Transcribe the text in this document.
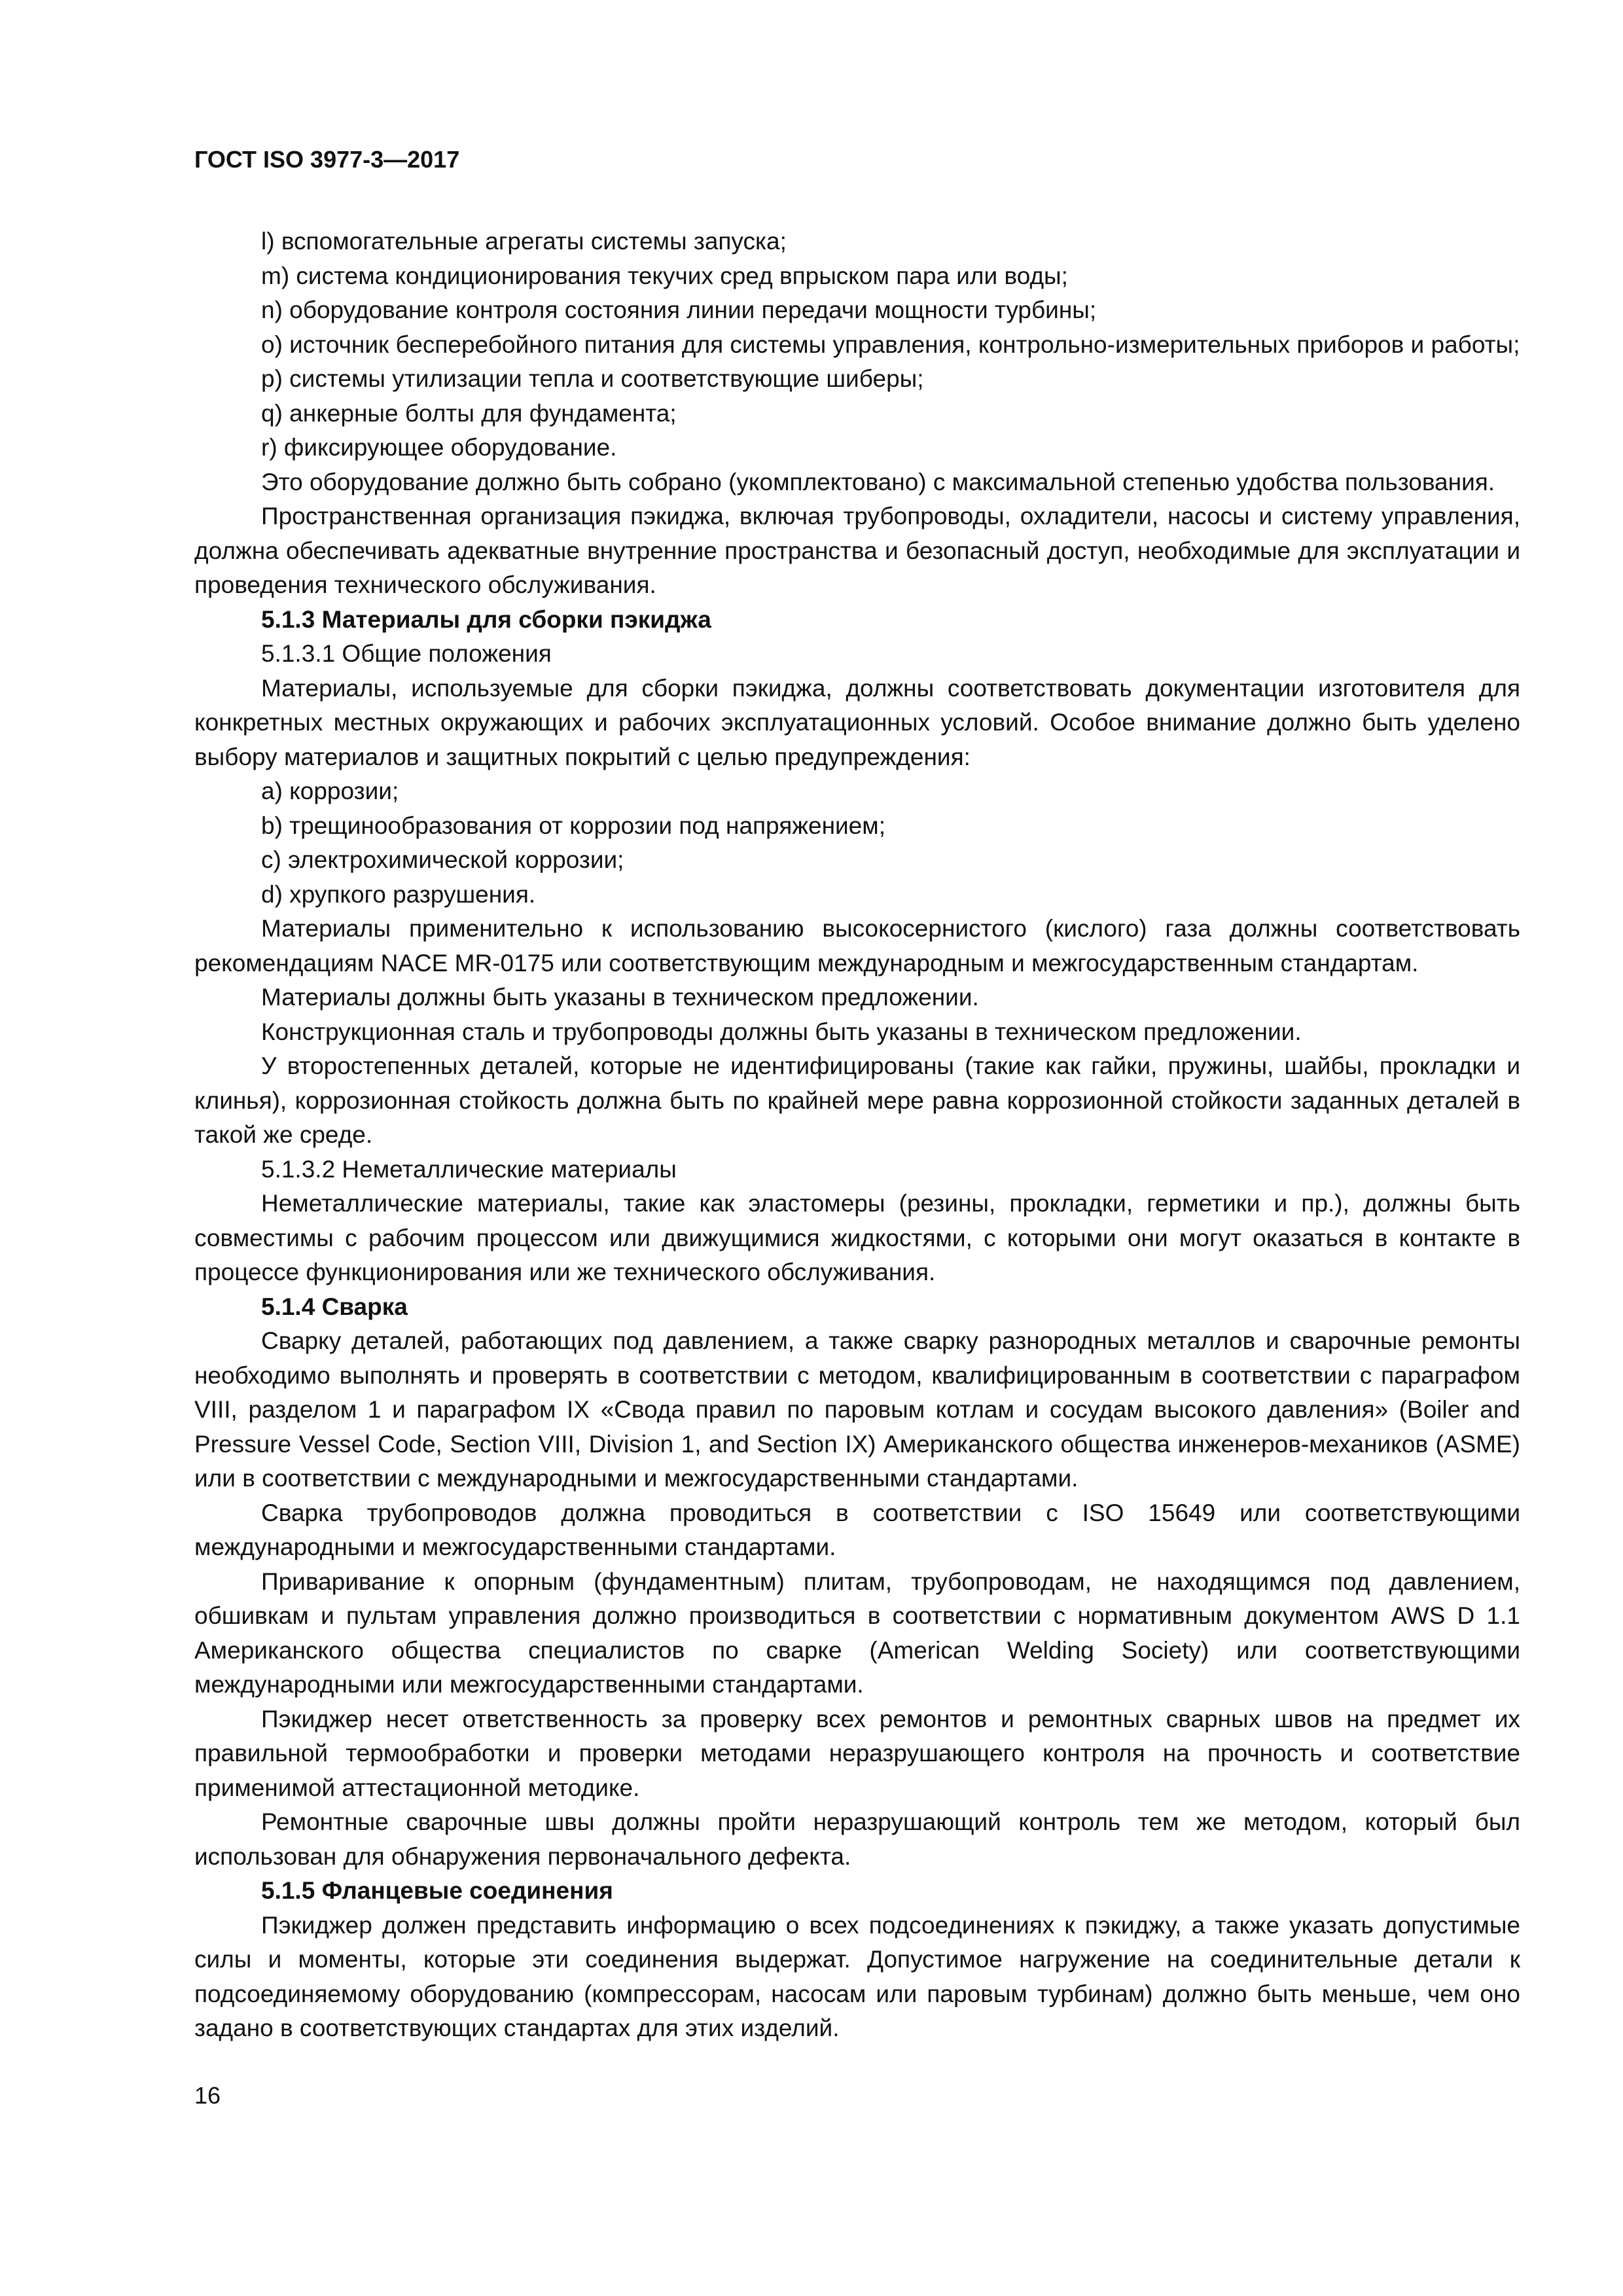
ГОСТ ISO 3977-3—2017

l) вспомогательные агрегаты системы запуска;

m) система кондиционирования текучих сред впрыском пара или воды;

n) оборудование контроля состояния линии передачи мощности турбины;

o) источник бесперебойного питания для системы управления, контрольно-измерительных приборов и работы;

p) системы утилизации тепла и соответствующие шиберы;

q) анкерные болты для фундамента;

r) фиксирующее оборудование.

Это оборудование должно быть собрано (укомплектовано) с максимальной степенью удобства пользования.

Пространственная организация пэкиджа, включая трубопроводы, охладители, насосы и систему управления, должна обеспечивать адекватные внутренние пространства и безопасный доступ, необходимые для эксплуатации и проведения технического обслуживания.

5.1.3 Материалы для сборки пэкиджа

5.1.3.1 Общие положения

Материалы, используемые для сборки пэкиджа, должны соответствовать документации изготовителя для конкретных местных окружающих и рабочих эксплуатационных условий. Особое внимание должно быть уделено выбору материалов и защитных покрытий с целью предупреждения:

a) коррозии;

b) трещинообразования от коррозии под напряжением;

c) электрохимической коррозии;

d) хрупкого разрушения.

Материалы применительно к использованию высокосернистого (кислого) газа должны соответствовать рекомендациям NACE MR-0175 или соответствующим международным и межгосударственным стандартам.

Материалы должны быть указаны в техническом предложении.

Конструкционная сталь и трубопроводы должны быть указаны в техническом предложении.

У второстепенных деталей, которые не идентифицированы (такие как гайки, пружины, шайбы, прокладки и клинья), коррозионная стойкость должна быть по крайней мере равна коррозионной стойкости заданных деталей в такой же среде.

5.1.3.2 Неметаллические материалы

Неметаллические материалы, такие как эластомеры (резины, прокладки, герметики и пр.), должны быть совместимы с рабочим процессом или движущимися жидкостями, с которыми они могут оказаться в контакте в процессе функционирования или же технического обслуживания.

5.1.4 Сварка

Сварку деталей, работающих под давлением, а также сварку разнородных металлов и сварочные ремонты необходимо выполнять и проверять в соответствии с методом, квалифицированным в соответствии с параграфом VIII, разделом 1 и параграфом IX «Свода правил по паровым котлам и сосудам высокого давления» (Boiler and Pressure Vessel Code, Section VIII, Division 1, and Section IX) Американского общества инженеров-механиков (ASME) или в соответствии с международными и межгосударственными стандартами.

Сварка трубопроводов должна проводиться в соответствии с ISO 15649 или соответствующими международными и межгосударственными стандартами.

Приваривание к опорным (фундаментным) плитам, трубопроводам, не находящимся под давлением, обшивкам и пультам управления должно производиться в соответствии с нормативным документом AWS D 1.1 Американского общества специалистов по сварке (American Welding Society) или соответствующими международными или межгосударственными стандартами.

Пэкиджер несет ответственность за проверку всех ремонтов и ремонтных сварных швов на предмет их правильной термообработки и проверки методами неразрушающего контроля на прочность и соответствие применимой аттестационной методике.

Ремонтные сварочные швы должны пройти неразрушающий контроль тем же методом, который был использован для обнаружения первоначального дефекта.

5.1.5 Фланцевые соединения

Пэкиджер должен представить информацию о всех подсоединениях к пэкиджу, а также указать допустимые силы и моменты, которые эти соединения выдержат. Допустимое нагружение на соединительные детали к подсоединяемому оборудованию (компрессорам, насосам или паровым турбинам) должно быть меньше, чем оно задано в соответствующих стандартах для этих изделий.

16
